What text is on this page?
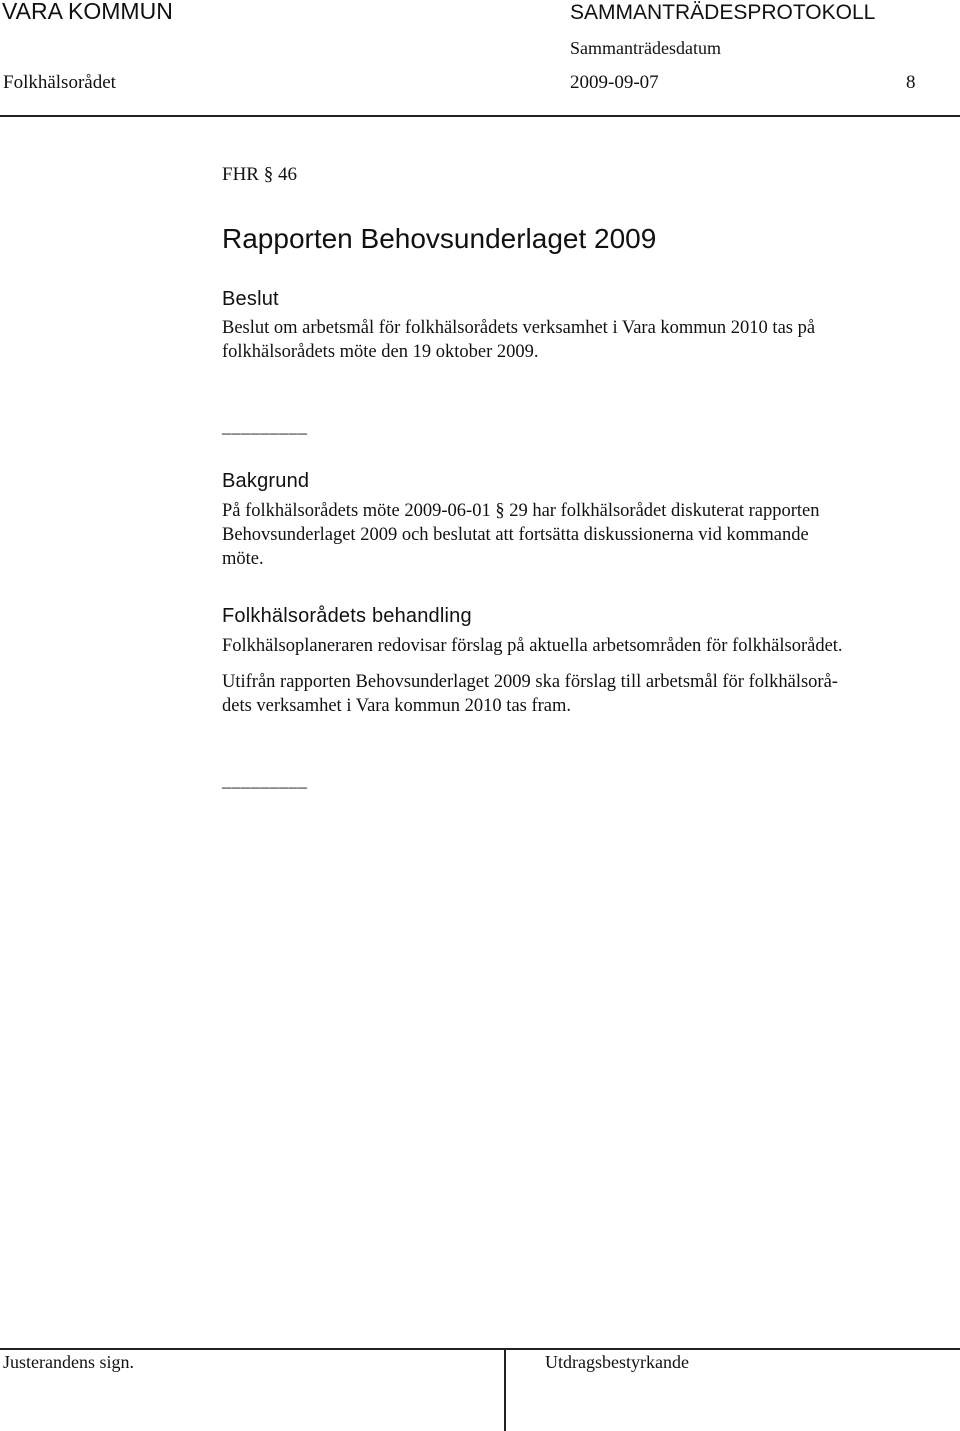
VARA KOMMUN	SAMMANTRÄDESPROTOKOLL
Sammanträdesdatum
Folkhälsorådet	2009-09-07	8
FHR § 46
Rapporten Behovsunderlaget 2009
Beslut
Beslut om arbetsmål för folkhälsorådets verksamhet i Vara kommun 2010 tas på
folkhälsorådets möte den 19 oktober 2009.
_________
Bakgrund
På folkhälsorådets möte 2009-06-01 § 29 har folkhälsorådet diskuterat rapporten
Behovsunderlaget 2009 och beslutat att fortsätta diskussionerna vid kommande
möte.
Folkhälsorådets behandling
Folkhälsoplaneraren redovisar förslag på aktuella arbetsområden för folkhälsorådet.
Utifrån rapporten Behovsunderlaget 2009 ska förslag till arbetsmål för folkhälsorå-
dets verksamhet i Vara kommun 2010 tas fram.
_________
Justerandens sign.	Utdragsbestyrkande
